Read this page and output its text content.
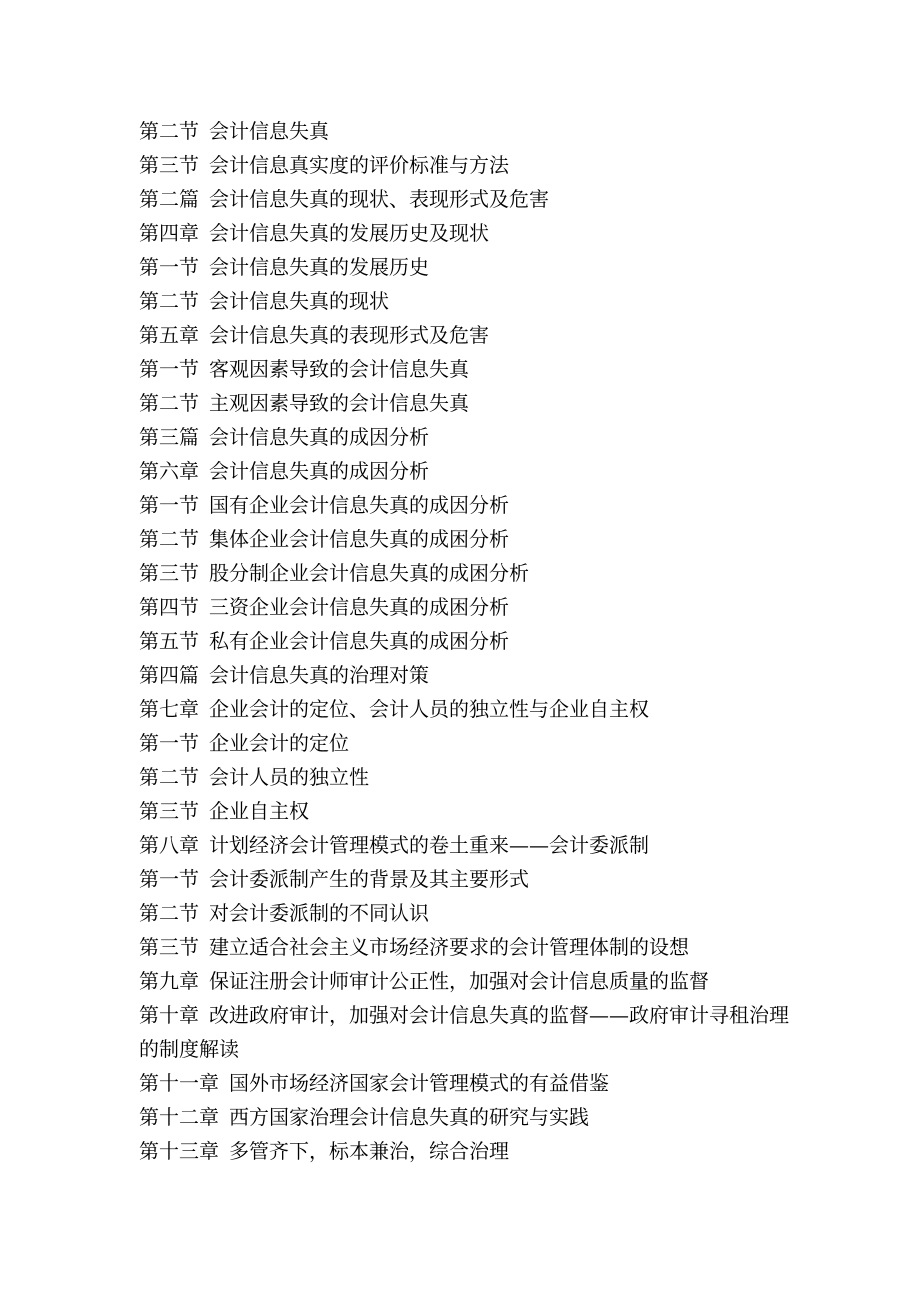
第二节 会计信息失真
第三节 会计信息真实度的评价标准与方法
第二篇 会计信息失真的现状、表现形式及危害
第四章 会计信息失真的发展历史及现状
第一节 会计信息失真的发展历史
第二节 会计信息失真的现状
第五章 会计信息失真的表现形式及危害
第一节 客观因素导致的会计信息失真
第二节 主观因素导致的会计信息失真
第三篇 会计信息失真的成因分析
第六章 会计信息失真的成因分析
第一节 国有企业会计信息失真的成因分析
第二节 集体企业会计信息失真的成困分析
第三节 股分制企业会计信息失真的成困分析
第四节 三资企业会计信息失真的成困分析
第五节 私有企业会计信息失真的成困分析
第四篇 会计信息失真的治理对策
第七章 企业会计的定位、会计人员的独立性与企业自主权
第一节 企业会计的定位
第二节 会计人员的独立性
第三节 企业自主权
第八章 计划经济会计管理模式的卷土重来——会计委派制
第一节 会计委派制产生的背景及其主要形式
第二节 对会计委派制的不同认识
第三节 建立适合社会主义市场经济要求的会计管理体制的设想
第九章 保证注册会计师审计公正性，加强对会计信息质量的监督
第十章 改进政府审计，加强对会计信息失真的监督——政府审计寻租治理的制度解读
第十一章 国外市场经济国家会计管理模式的有益借鉴
第十二章 西方国家治理会计信息失真的研究与实践
第十三章 多管齐下，标本兼治，综合治理
